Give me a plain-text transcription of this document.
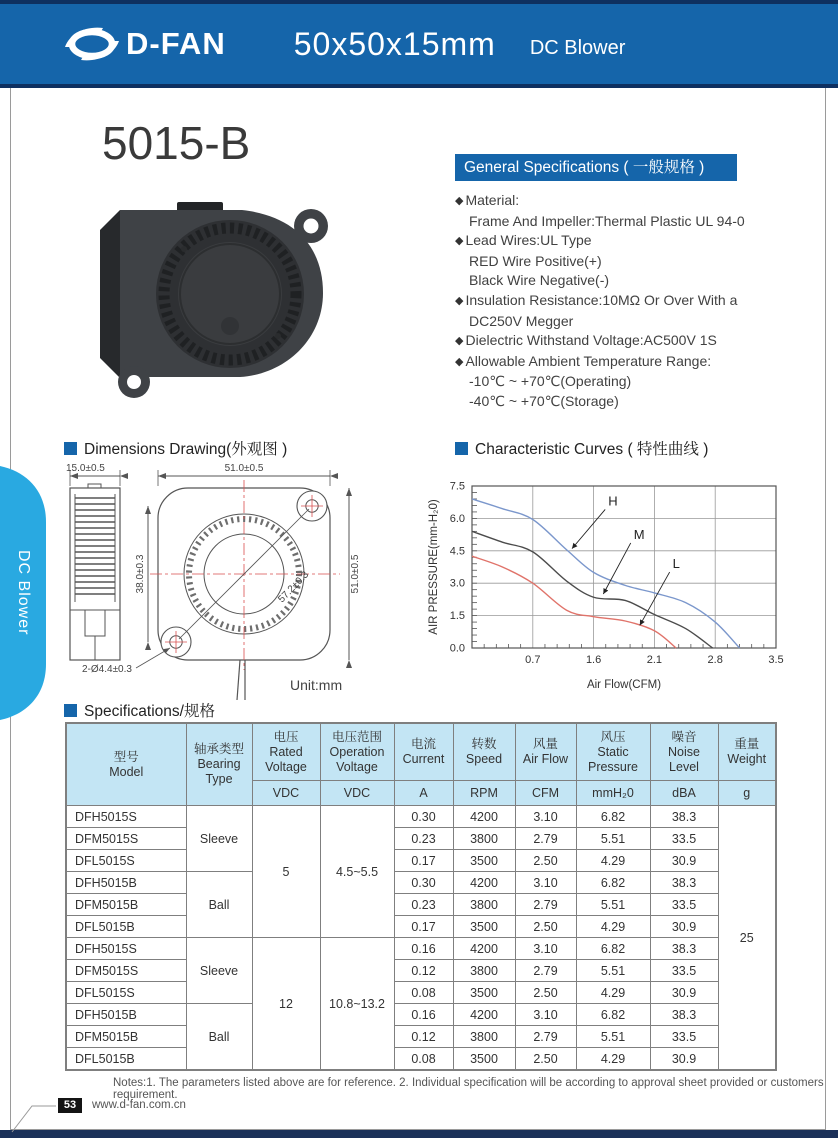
D-FAN 50x50x15mm DC Blower
DC Blower
5015-B	General Specifications ( 一般规格 )
◆ Material:
Frame And Impeller:Thermal Plastic UL 94-0
◆ Lead Wires:UL Type
RED Wire Positive(+)
Black Wire Negative(-)
◆ Insulation Resistance:10MΩ Or Over With a
DC250V Megger
◆ Dielectric Withstand Voltage:AC500V 1S
◆ Allowable Ambient Temperature Range:
-10℃ ~ +70℃(Operating)
-40℃ ~ +70℃(Storage)
Dimensions Drawing(外观图 )	Characteristic Curves ( 特性曲线 )
15.0±0.5	51.0±0.5
38.0±0.3	51.0±0.5
57.2±0.3
2-Ø4.4±0.3
Unit:mm
0.0
1.5
3.0
4.5
6.0
7.5
0.7	1.6	2.1	2.8	3.5
Air Flow(CFM)
AIR PRESSURE(mm-H₂0)	H
M
L
Specifications/规格
型号
Model

轴承类型
Bearing Type

电压
Rated Voltage

电压范围
Operation Voltage

电流
Current

转数
Speed

风量
Air Flow

风压
Static Pressure

噪音
Noise Level

重量
Weight

		VDC	VDC	A	RPM	CFM	mmH₂0	dBA	g
DFH5015S	Sleeve	5	4.5~5.5	0.30	4200	3.10	6.82	38.3	25
DFM5015S				0.23	3800	2.79	5.51	33.5	
DFL5015S				0.17	3500	2.50	4.29	30.9	
DFH5015B	Ball			0.30	4200	3.10	6.82	38.3	
DFM5015B				0.23	3800	2.79	5.51	33.5	
DFL5015B				0.17	3500	2.50	4.29	30.9	
DFH5015S	Sleeve	12	10.8~13.2	0.16	4200	3.10	6.82	38.3	
DFM5015S				0.12	3800	2.79	5.51	33.5	
DFL5015S				0.08	3500	2.50	4.29	30.9	
DFH5015B	Ball			0.16	4200	3.10	6.82	38.3	
DFM5015B				0.12	3800	2.79	5.51	33.5	
DFL5015B				0.08	3500	2.50	4.29	30.9	
Notes:1. The parameters listed above are for reference. 2. Individual specification will be according to approval sheet provided or customers requirement.
53	www.d-fan.com.cn
